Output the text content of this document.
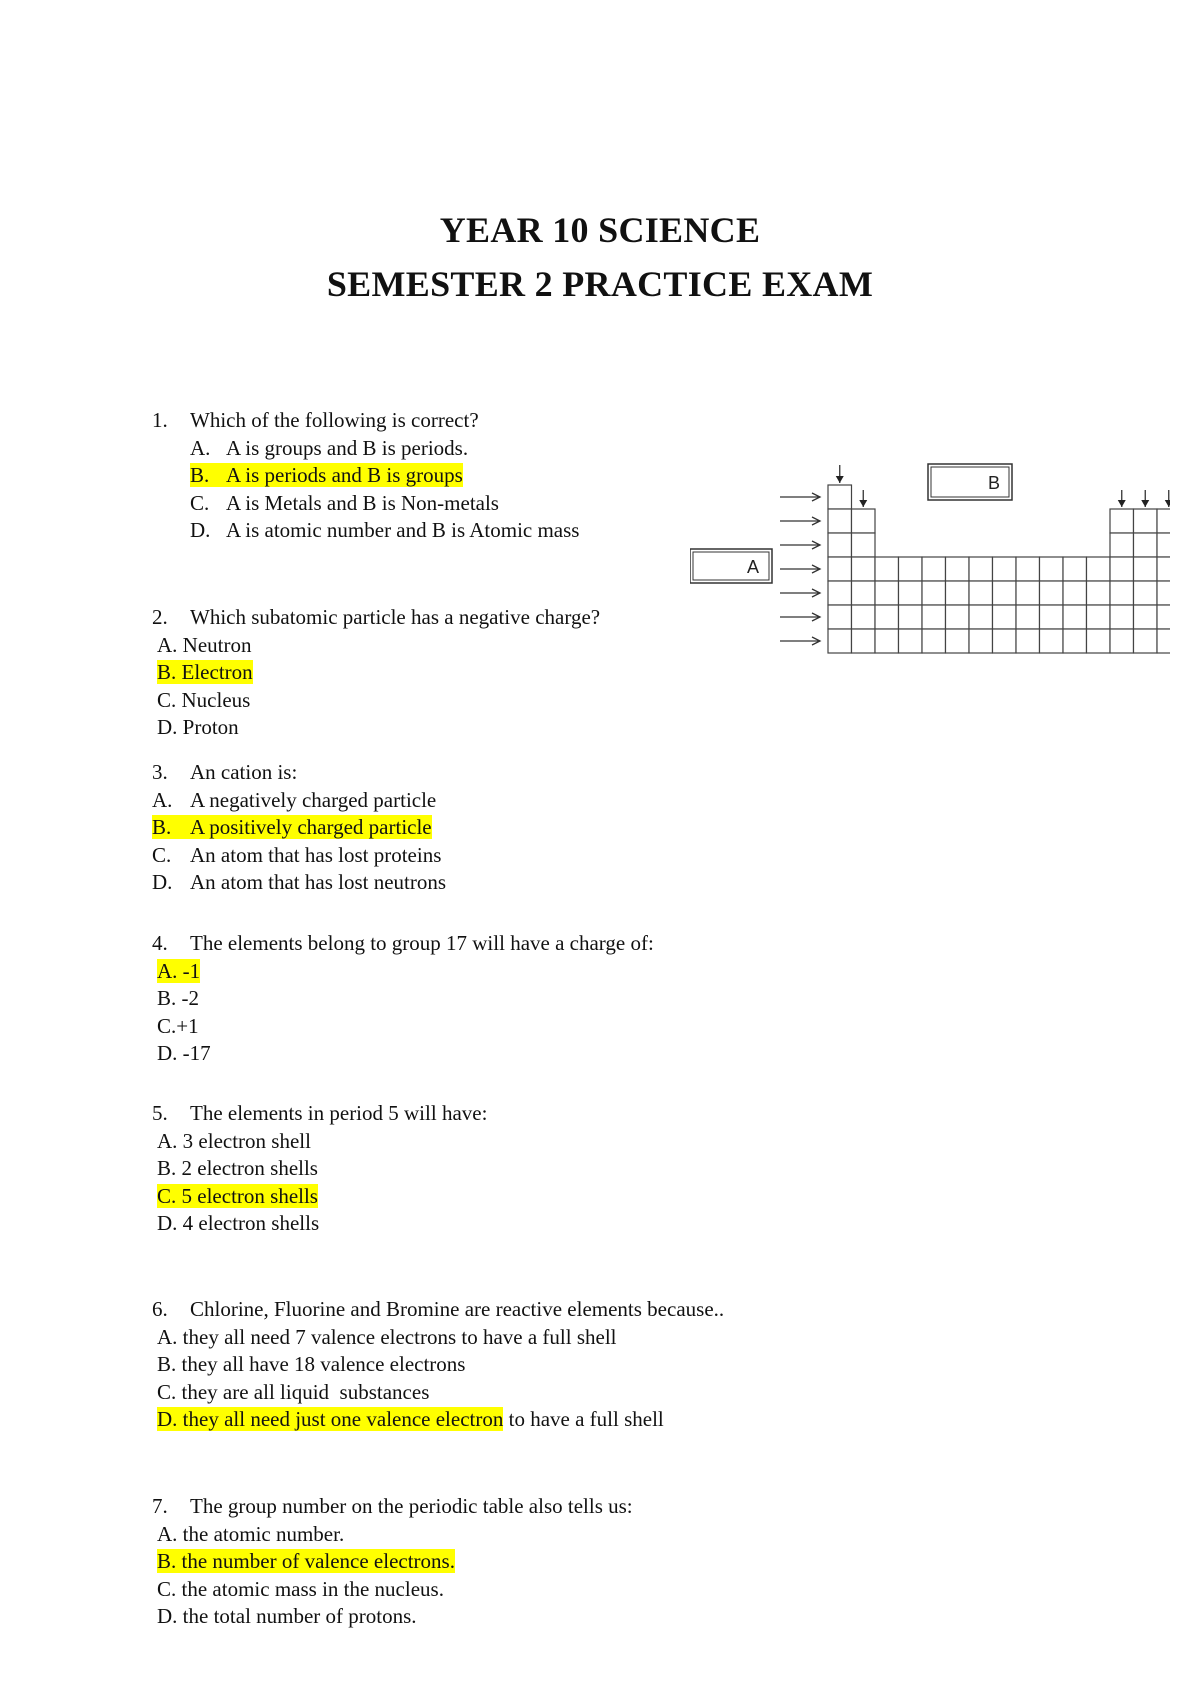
YEAR 10 SCIENCE
SEMESTER 2 PRACTICE EXAM
1. Which of the following is correct?
A. A is groups and B is periods.
B. A is periods and B is groups
C. A is Metals and B is Non-metals
D. A is atomic number and B is Atomic mass
2. Which subatomic particle has a negative charge?
A. Neutron
B. Electron
C. Nucleus
D. Proton
3. An cation is:
A. A negatively charged particle
B. A positively charged particle
C. An atom that has lost proteins
D. An atom that has lost neutrons
4. The elements belong to group 17 will have a charge of:
A. -1
B. -2
C.+1
D. -17
5. The elements in period 5 will have:
A. 3 electron shell
B. 2 electron shells
C. 5 electron shells
D. 4 electron shells
6. Chlorine, Fluorine and Bromine are reactive elements because..
A. they all need 7 valence electrons to have a full shell
B. they all have 18 valence electrons
C. they are all liquid  substances
D. they all need just one valence electron to have a full shell
7. The group number on the periodic table also tells us:
A. the atomic number.
B. the number of valence electrons.
C. the atomic mass in the nucleus.
D. the total number of protons.
A
B
